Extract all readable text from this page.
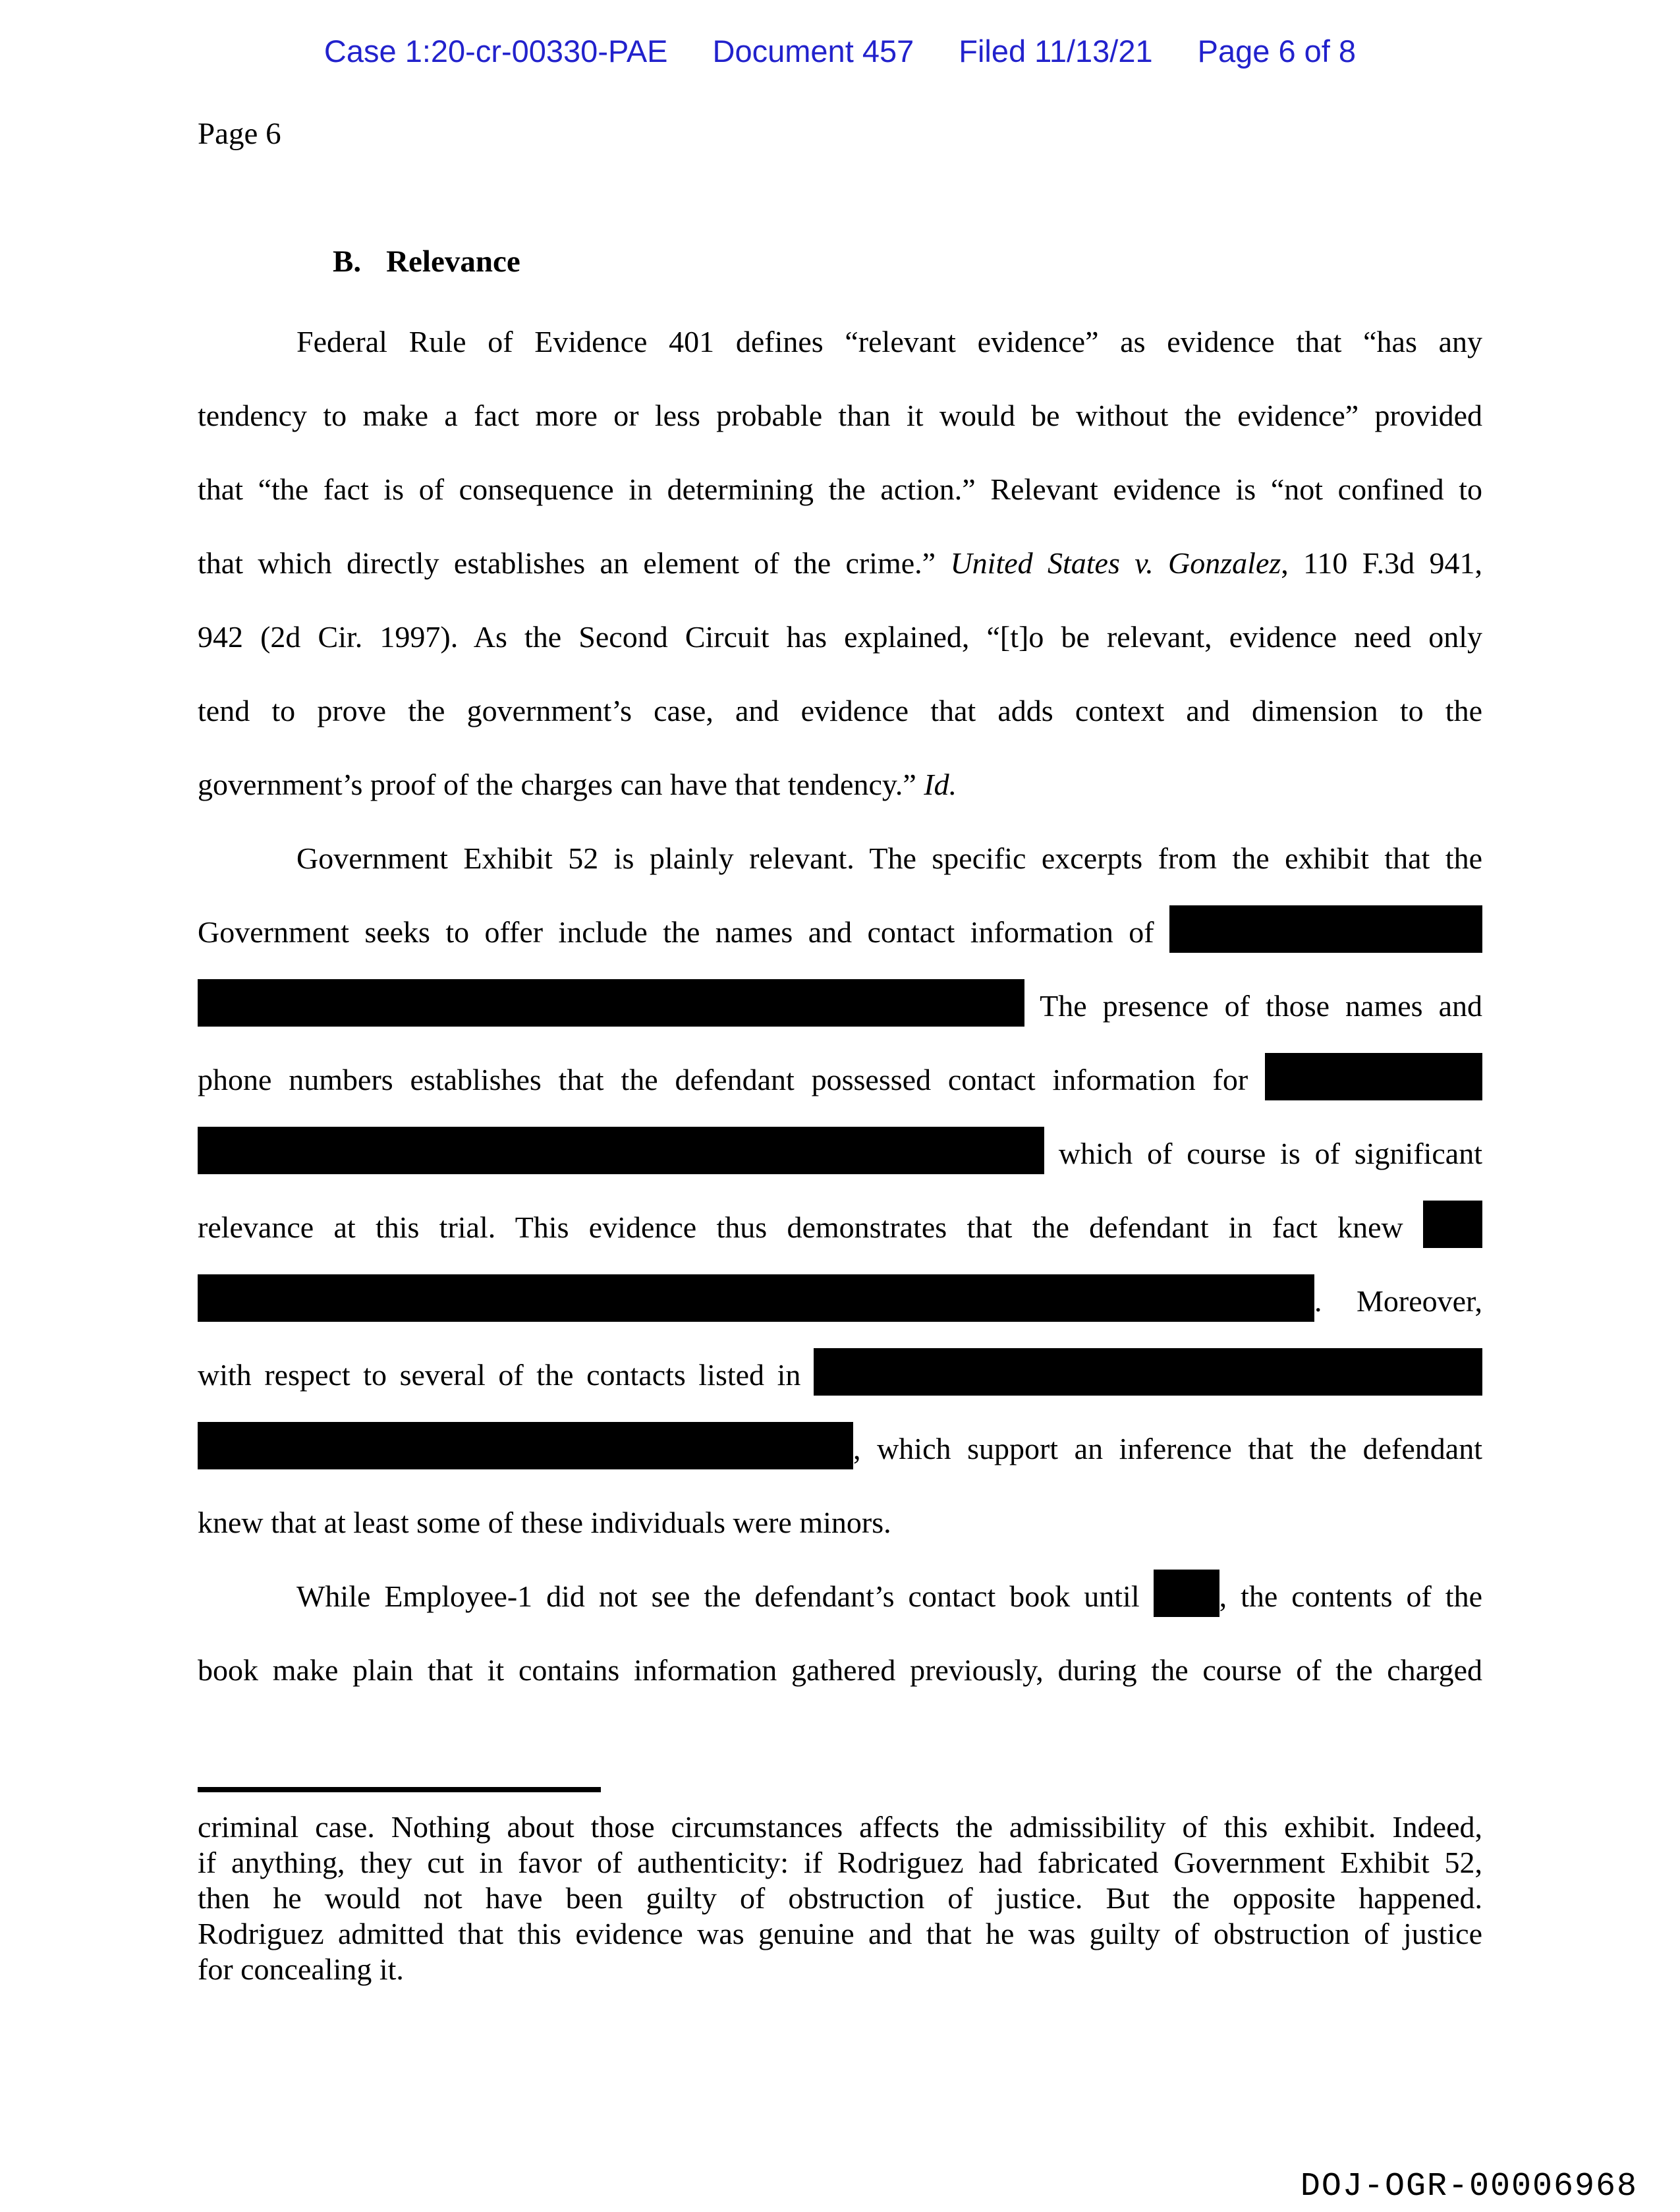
Case 1:20-cr-00330-PAE Document 457 Filed 11/13/21 Page 6 of 8
Page 6
B. Relevance
Federal Rule of Evidence 401 defines “relevant evidence” as evidence that “has any
tendency to make a fact more or less probable than it would be without the evidence” provided
that “the fact is of consequence in determining the action.” Relevant evidence is “not confined to
that which directly establishes an element of the crime.” United States v. Gonzalez, 110 F.3d 941,
942 (2d Cir. 1997). As the Second Circuit has explained, “[t]o be relevant, evidence need only
tend to prove the government’s case, and evidence that adds context and dimension to the
government’s proof of the charges can have that tendency.” Id.
Government Exhibit 52 is plainly relevant. The specific excerpts from the exhibit that the
Government seeks to offer include the names and contact information of
The presence of those names and
phone numbers establishes that the defendant possessed contact information for
which of course is of significant
relevance at this trial. This evidence thus demonstrates that the defendant in fact knew
. Moreover,
with respect to several of the contacts listed in
, which support an inference that the defendant
knew that at least some of these individuals were minors.
While Employee-1 did not see the defendant’s contact book until , the contents of the
book make plain that it contains information gathered previously, during the course of the charged
criminal case. Nothing about those circumstances affects the admissibility of this exhibit. Indeed,
if anything, they cut in favor of authenticity: if Rodriguez had fabricated Government Exhibit 52,
then he would not have been guilty of obstruction of justice. But the opposite happened.
Rodriguez admitted that this evidence was genuine and that he was guilty of obstruction of justice
for concealing it.
DOJ-OGR-00006968
